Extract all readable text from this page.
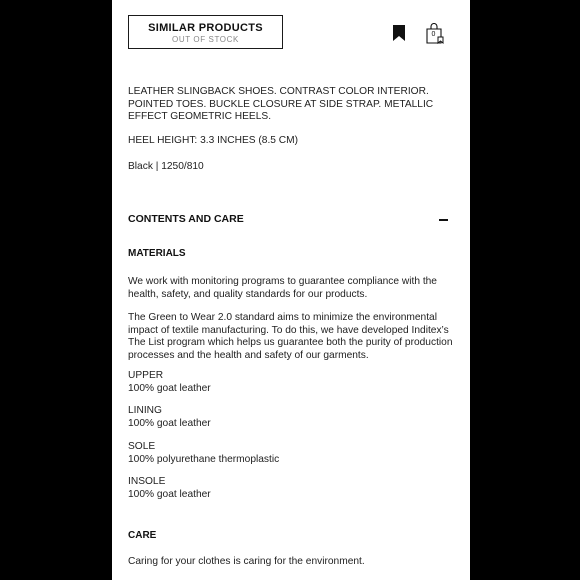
SIMILAR PRODUCTS
OUT OF STOCK
0
LEATHER SLINGBACK SHOES. CONTRAST COLOR INTERIOR. POINTED TOES. BUCKLE CLOSURE AT SIDE STRAP. METALLIC EFFECT GEOMETRIC HEELS.
HEEL HEIGHT: 3.3 INCHES (8.5 CM)
Black | 1250/810
CONTENTS AND CARE
MATERIALS
We work with monitoring programs to guarantee compliance with the health, safety, and quality standards for our products.
The Green to Wear 2.0 standard aims to minimize the environmental impact of textile manufacturing. To do this, we have developed Inditex’s The List program which helps us guarantee both the purity of production processes and the health and safety of our garments.
UPPER
100% goat leather
LINING
100% goat leather
SOLE
100% polyurethane thermoplastic
INSOLE
100% goat leather
CARE
Caring for your clothes is caring for the environment.
